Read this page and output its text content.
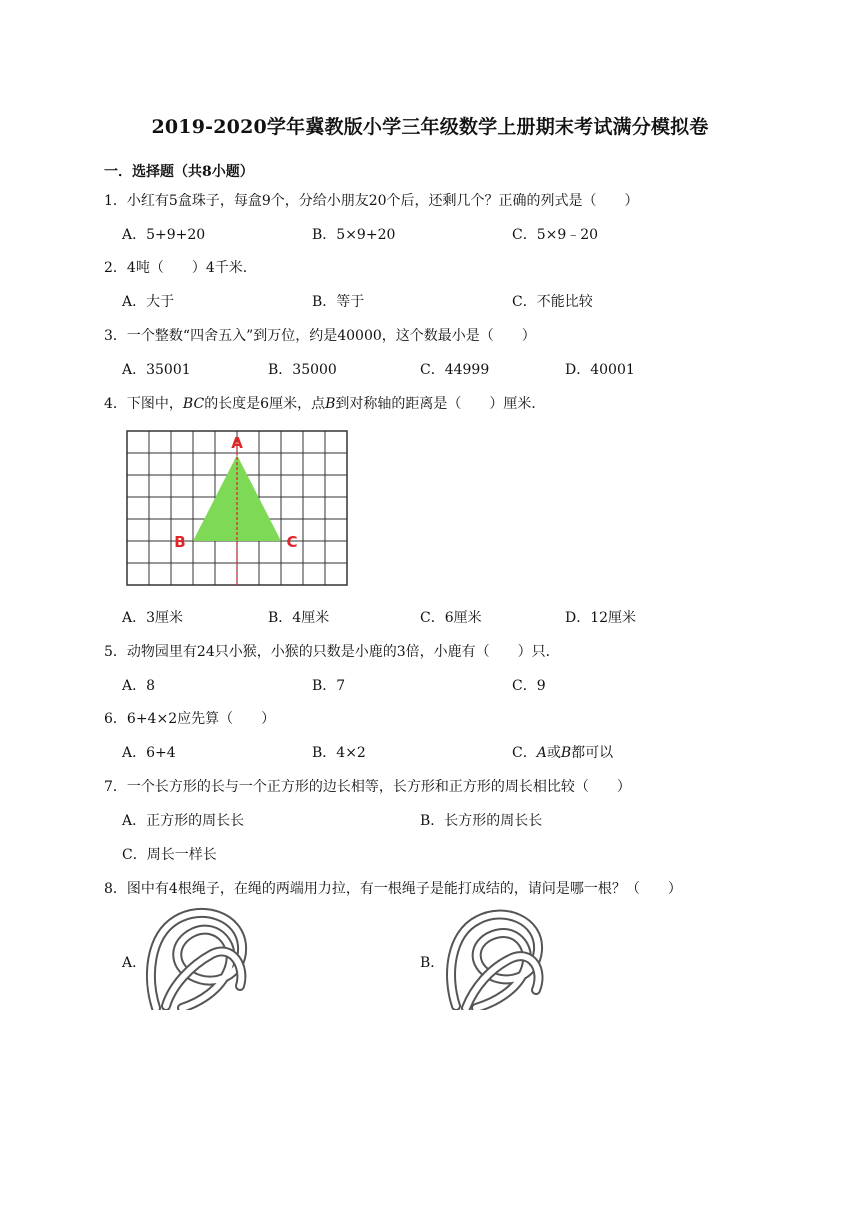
2019-2020学年冀教版小学三年级数学上册期末考试满分模拟卷
一．选择题（共8小题）
1．小红有5盒珠子，每盒9个，分给小朋友20个后，还剩几个？正确的列式是（　　）
A．5+9+20	B．5×9+20	C．5×9﹣20
2．4吨（　　）4千米．
A．大于	B．等于	C．不能比较
3．一个整数“四舍五入”到万位，约是40000，这个数最小是（　　）
A．35001	B．35000	C．44999	D．40001
4．下图中，BC的长度是6厘米，点B到对称轴的距离是（　　）厘米．
A
B	C
A．3厘米	B．4厘米	C．6厘米	D．12厘米
5．动物园里有24只小猴，小猴的只数是小鹿的3倍，小鹿有（　　）只．
A．8	B．7	C．9
6．6+4×2应先算（　　）
A．6+4	B．4×2	C．A或B都可以
7．一个长方形的长与一个正方形的边长相等，长方形和正方形的周长相比较（　　）
A．正方形的周长长	B．长方形的周长长
C．周长一样长
8．图中有4根绳子，在绳的两端用力拉，有一根绳子是能打成结的，请问是哪一根？（　　）
A．	B．
